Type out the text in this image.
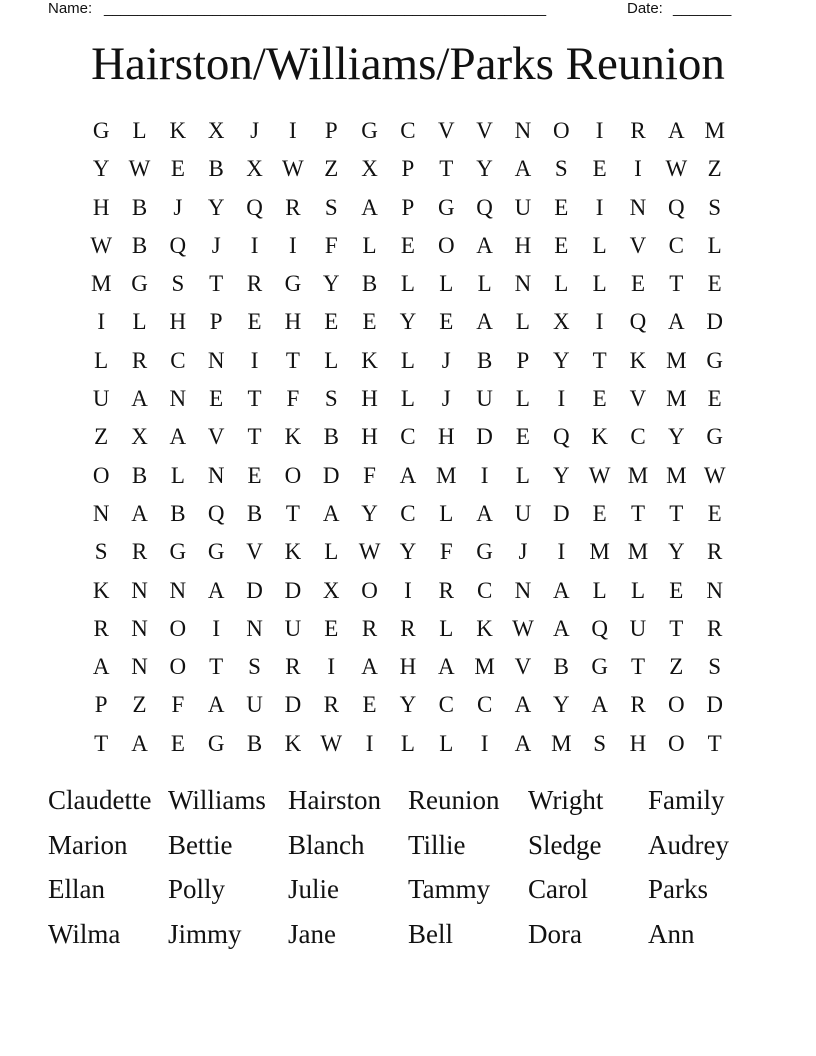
Name: _____________________________________________________	Date: _______
Hairston/Williams/Parks Reunion
G	L	K X	J	I	P	G C V V N O	I	R A M
Y W E	B X W Z	X	P	T	Y A	S	E	I	W Z
H B	J	Y Q R	S	A	P	G Q U	E	I	N Q	S
W B Q	J	I	I	F	L	E	O A H	E	L	V C	L
M G	S	T	R G Y B	L	L	L	N	L	L	E	T	E
I	L	H	P	E	H	E	E	Y	E	A	L	X	I	Q A D
L	R	C N	I	T	L	K	L	J	B	P	Y	T	K M G
U A N	E	T	F	S	H	L	J	U	L	I	E	V M E
Z	X A V	T	K B H C H D	E	Q K C Y G
O B	L	N	E	O D	F	A M	I	L	Y W M M W
N A B Q B	T	A Y C	L	A U D	E	T	T	E
S	R G G V K	L W Y	F	G	J	I	M M Y R
K N N A D D X O	I	R	C N A	L	L	E	N
R N O	I	N U	E	R	R	L	K W A Q U	T	R
A N O	T	S	R	I	A H A M V B G	T	Z	S
P	Z	F	A U D R	E	Y C	C A Y A R O D
T	A	E	G B K W	I	L	L	I	A M S	H O	T
Claudette Williams Hairston	Reunion	Wright	Family
Marion	Bettie	Blanch	Tillie	Sledge	Audrey
Ellan	Polly	Julie	Tammy	Carol	Parks
Wilma	Jimmy	Jane	Bell	Dora	Ann
